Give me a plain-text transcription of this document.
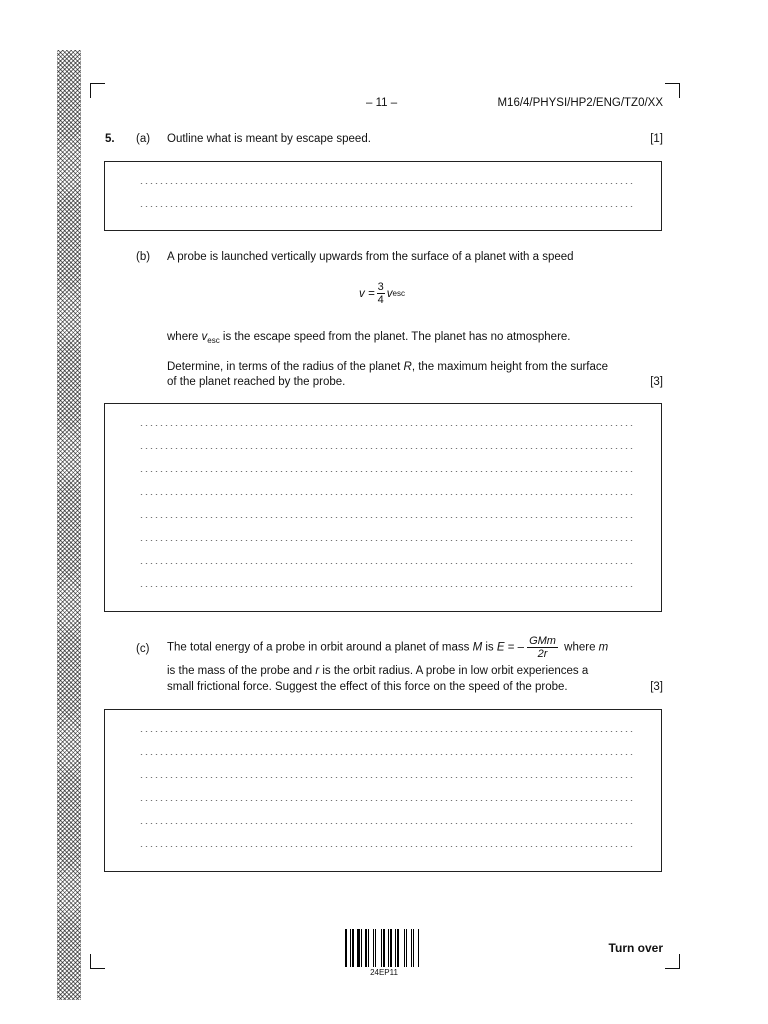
– 11 –	M16/4/PHYSI/HP2/ENG/TZ0/XX
5. (a) Outline what is meant by escape speed.	[1]
(b) A probe is launched vertically upwards from the surface of a planet with a speed
$v = \frac{3}{4}$ v esc
where $v_{esc}$ is the escape speed from the planet. The planet has no atmosphere.
Determine, in terms of the radius of the planet R, the maximum height from the surface
of the planet reached by the probe.	[3]
(c) The total energy of a probe in orbit around a planet of mass M is E = –
GMm
2r
where m
is the mass of the probe and r is the orbit radius. A probe in low orbit experiences a
small frictional force. Suggest the effect of this force on the speed of the probe.	[3]
24EP11
Turn over
